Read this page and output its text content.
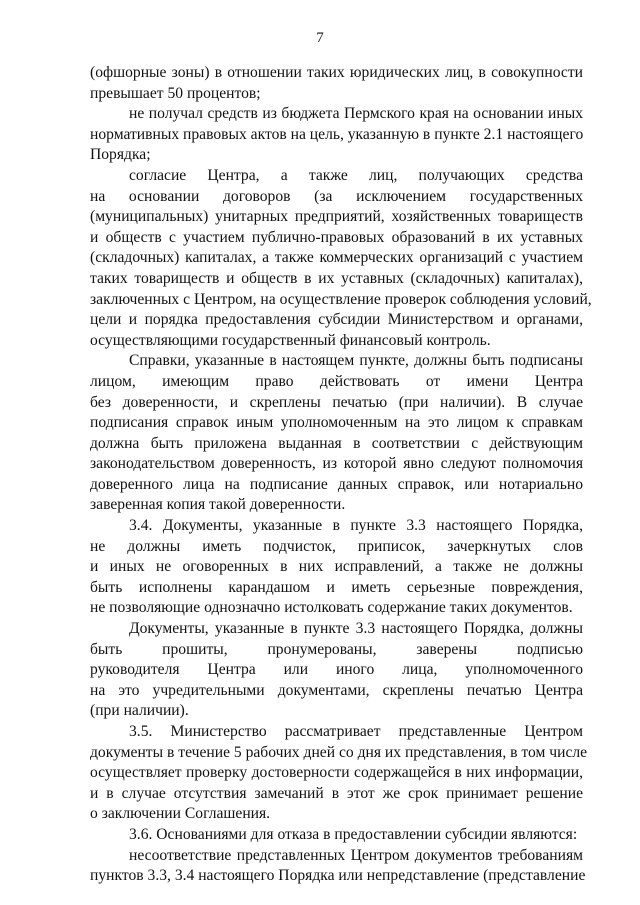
7
(офшорные зоны) в отношении таких юридических лиц, в совокупности
превышает 50 процентов;
не получал средств из бюджета Пермского края на основании иных
нормативных правовых актов на цель, указанную в пункте 2.1 настоящего
Порядка;
согласие Центра, а также лиц, получающих средства
на основании договоров (за исключением государственных
(муниципальных) унитарных предприятий, хозяйственных товариществ
и обществ с участием публично-правовых образований в их уставных
(складочных) капиталах, а также коммерческих организаций с участием
таких товариществ и обществ в их уставных (складочных) капиталах),
заключенных с Центром, на осуществление проверок соблюдения условий,
цели и порядка предоставления субсидии Министерством и органами,
осуществляющими государственный финансовый контроль.
Справки, указанные в настоящем пункте, должны быть подписаны
лицом, имеющим право действовать от имени Центра
без доверенности, и скреплены печатью (при наличии). В случае
подписания справок иным уполномоченным на это лицом к справкам
должна быть приложена выданная в соответствии с действующим
законодательством доверенность, из которой явно следуют полномочия
доверенного лица на подписание данных справок, или нотариально
заверенная копия такой доверенности.
3.4. Документы, указанные в пункте 3.3 настоящего Порядка,
не должны иметь подчисток, приписок, зачеркнутых слов
и иных не оговоренных в них исправлений, а также не должны
быть исполнены карандашом и иметь серьезные повреждения,
не позволяющие однозначно истолковать содержание таких документов.
Документы, указанные в пункте 3.3 настоящего Порядка, должны
быть прошиты, пронумерованы, заверены подписью
руководителя Центра или иного лица, уполномоченного
на это учредительными документами, скреплены печатью Центра
(при наличии).
3.5. Министерство рассматривает представленные Центром
документы в течение 5 рабочих дней со дня их представления, в том числе
осуществляет проверку достоверности содержащейся в них информации,
и в случае отсутствия замечаний в этот же срок принимает решение
о заключении Соглашения.
3.6. Основаниями для отказа в предоставлении субсидии являются:
несоответствие представленных Центром документов требованиям
пунктов 3.3, 3.4 настоящего Порядка или непредставление (представление
